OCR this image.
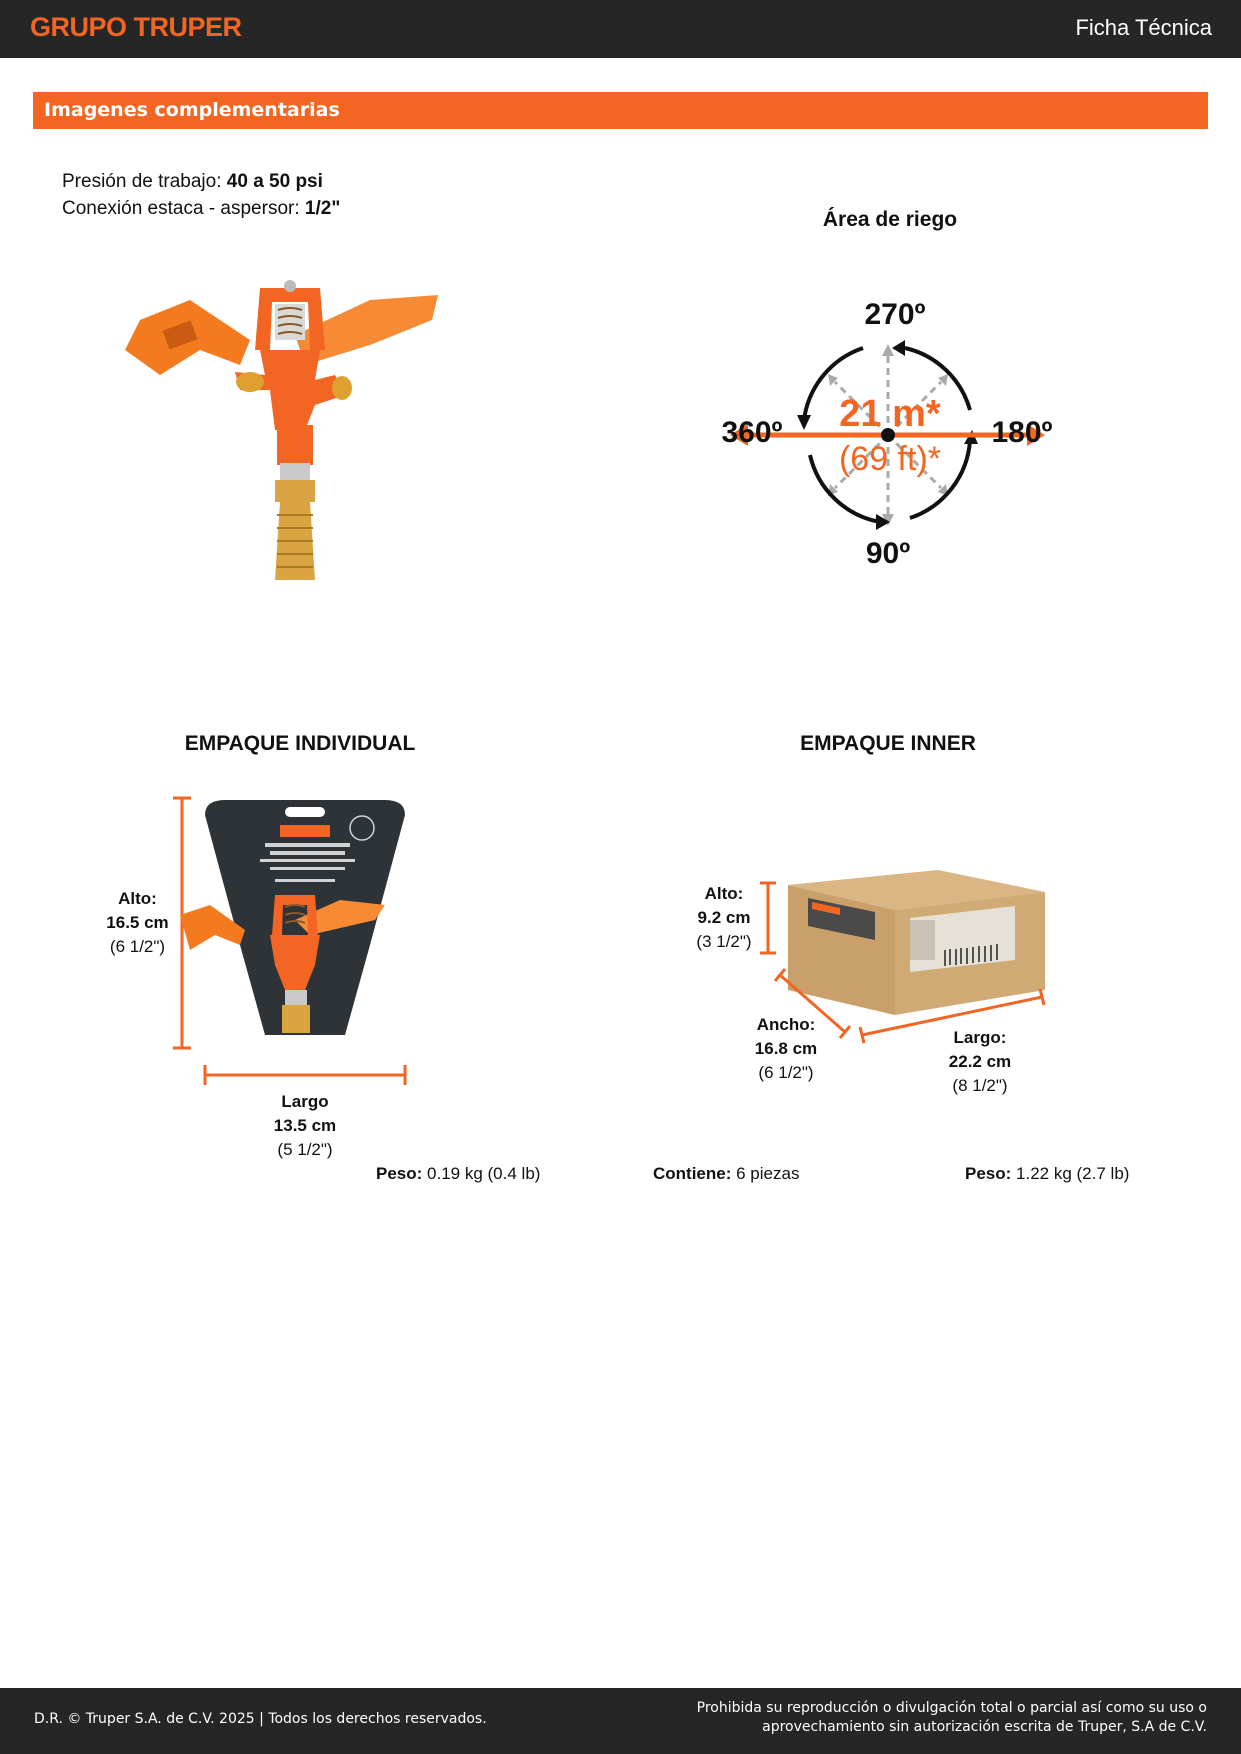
GRUPO TRUPER	Ficha Técnica
Imagenes complementarias
Presión de trabajo: 40 a 50 psi
Conexión estaca - aspersor: 1/2"	Área de riego
270º
360º	180º
90º
21 m*
(69 ft)*
EMPAQUE INDIVIDUAL
Alto:
16.5 cm
(6 1/2")
Largo
13.5 cm
(5 1/2")
Peso: 0.19 kg (0.4 lb)
EMPAQUE INNER
Alto:
9.2 cm
(3 1/2")
Ancho:
16.8 cm
(6 1/2")
Largo:
22.2 cm
(8 1/2")
Contiene: 6 piezas	Peso: 1.22 kg (2.7 lb)
D.R. © Truper S.A. de C.V. 2025 | Todos los derechos reservados.
Prohibida su reproducción o divulgación total o parcial así como su uso o
aprovechamiento sin autorización escrita de Truper, S.A de C.V.
